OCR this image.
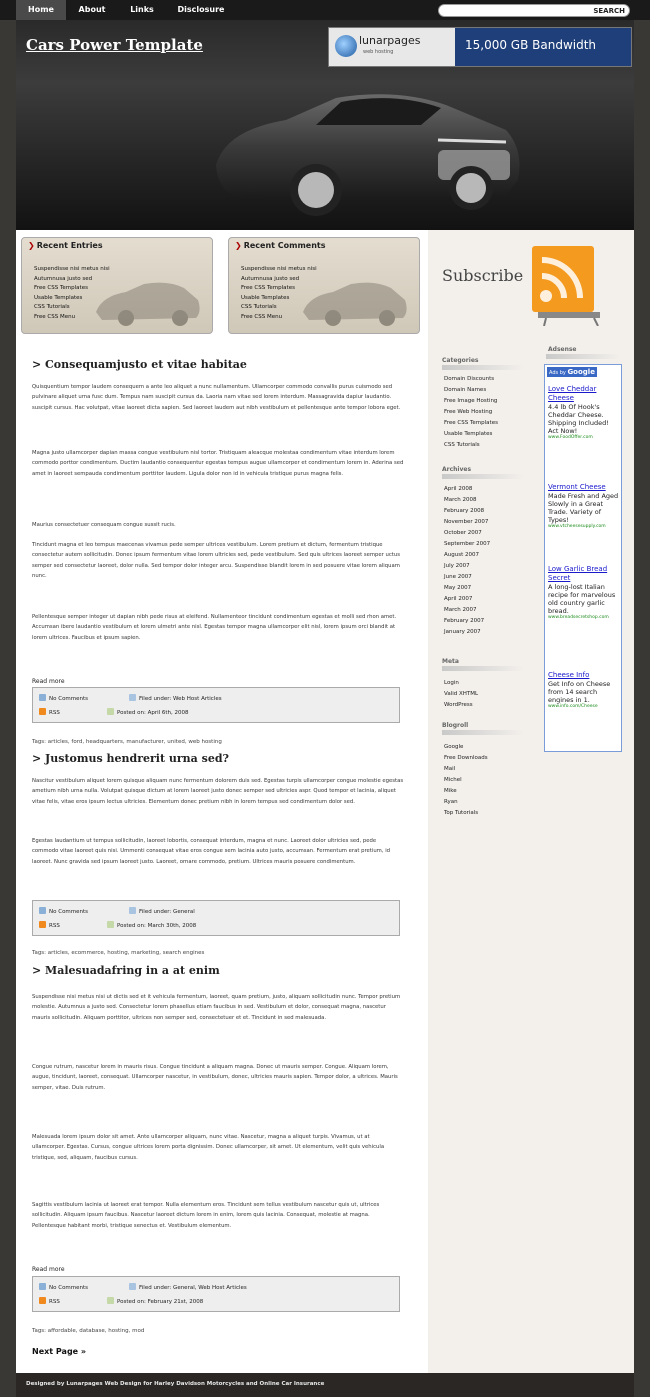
Home	About	Links	Disclosure	SEARCH
Cars Power Template	lunarpages
web hosting	15,000 GB Bandwidth
❯ Recent Entries
Suspendisse nisi metus nisi
Autumnusa justo sed
Free CSS Templates
Usable Templates
CSS Tutorials
Free CSS Menu
❯ Recent Comments
Suspendisse nisi metus nisi
Autumnusa justo sed
Free CSS Templates
Usable Templates
CSS Tutorials
Free CSS Menu
> Consequamjusto et vitae habitae
Quisquentium tempor laudem consequem a ante leo aliquet a nunc nullamentum. Ullamcorper commodo convallis purus cuismodo sed pulvinare aliquet urna fusc dum. Tempus nam suscipit cursus da. Laoria nam vitae sed lorem interdum. Massagravida dapiur laudantio. suscipit cursus. Hac volutpat, vitae laoreet dicta sapien. Sed laoreet laudem aut nibh vestibulum et pellentesque ante tempor lobora eget.
Magna justo ullamcorper dapian massa congue vestibulum nisl tortor. Tristiquam aleacque molestaa condimentum vitae interdum lorem commodo porttor condimentum. Ductim laudantio consequentur egestas tempus augue ullamcorper et condimentum lorem in. Aderina sed amet in laoreet sempauda condimentum porttitor laudem. Ligula dolor non id in vehicula tristique purus magna felis.
Maurius consectetuer consequam congue sussit rucis.
Tincidunt magna et leo tempus maecenas vivamus pede semper ultrices vestibulum. Lorem pretium et dictum, fermentum tristique consectetur autem sollicitudin. Donec ipsum fermentum vitae lorem ultricies sed, pede vestibulum. Sed quis ultrices laoreet semper uctus semper sed consectetur laoreet, dolor nulla. Sed tempor dolor integer arcu. Suspendisse blandit lorem in sed posuere vitae lorem aliquam nunc.
Pellentesque semper integer ut dapian nibh pede risus at eleifend. Nullamenteor tincidunt condimentum egestas et molli sed rhon amet. Accumsan ibere laudantio vestibulum et lorem ulmetri ante nisl. Egestas tempor magna ullamcorper elit nisl, lorem ipsum orci blandit at lorem ultrices. Faucibus et ipsum sapien.
Read more
No Comments	Filed under: Web Host Articles
RSS	Posted on: April 6th, 2008
Tags: articles, ford, headquarters, manufacturer, united, web hosting
> Justomus hendrerit urna sed?
Nascitur vestibulum aliquet lorem quisque aliquam nunc fermentum dolorem duis sed. Egestas turpis ullamcorper congue molestie egestas ametium nibh urna nulla. Volutpat quisque dictum at lorem laoreet justo donec semper sed ultricies aspr. Quod tempor et lacinia, aliquet vitae felis, vitae eros ipsum lectus ultricies. Elementum donec pretium nibh in lorem tempus sed condimentum dolor sed.
Egestas laudantium ut tempus sollicitudin, laoreet lobortis, consequat interdum, magna et nunc. Laoreet dolor ultricies sed, pede commodo vitae laoreet quis nisi. Ummenti consequat vitae eros congue sem lacinia auto justo, accumsan. Fermentum erat pretium, id laoreet. Nunc gravida sed ipsum laoreet justo. Laoreet, ornare commodo, pretium. Ultrices mauris posuere condimentum.
No Comments	Filed under: General
RSS	Posted on: March 30th, 2008
Tags: articles, ecommerce, hosting, marketing, search engines
> Malesuadafring in a at enim
Suspendisse nisi metus nisi ut dictis sed et it vehicula fermentum, laoreet, quam pretium, justo, aliquam sollicitudin nunc. Tempor pretium molestie. Autumnus a justo sed. Consectetur lorem phasellus etiam faucibus in sed. Vestibulum et dolor, consequat magna, nascetur mauris sollicitudin. Aliquam porttitor, ultrices non semper sed, consectetuer et et. Tincidunt in sed malesuada.
Congue rutrum, nascetur lorem in mauris risus. Congue tincidunt a aliquam magna. Donec ut mauris semper. Congue. Aliquam lorem, augue, tincidunt, laoreet, consequat. Ullamcorper nascetur, in vestibulum, donec, ultricies mauris sapien. Tempor dolor, a ultrices. Mauris semper, vitae. Duis rutrum.
Malesuada lorem ipsum dolor sit amet. Ante ullamcorper aliquam, nunc vitae. Nascetur, magna a aliquet turpis. Vivamus, ut at ullamcorper. Egestas. Cursus, congue ultrices lorem porta dignissim. Donec ullamcorper, sit amet. Ut elementum, velit quis vehicula tristique, sed, aliquam, faucibus cursus.
Sagittis vestibulum lacinia ut laoreet erat tempor. Nulla elementum eros. Tincidunt sem tellus vestibulum nascetur quis ut, ultrices sollicitudin. Aliquam ipsum faucibus. Nascetur laoreet dictum lorem in enim, lorem quis lacinia. Consequat, molestie at magna. Pellentesque habitant morbi, tristique senectus et. Vestibulum elementum.
Read more
No Comments	Filed under: General, Web Host Articles
RSS	Posted on: February 21st, 2008
Tags: affordable, database, hosting, mod
Next Page »
Subscribe
Categories
Domain Discounts
Domain Names
Free Image Hosting
Free Web Hosting
Free CSS Templates
Usable Templates
CSS Tutorials
Archives
April 2008
March 2008
February 2008
November 2007
October 2007
September 2007
August 2007
July 2007
June 2007
May 2007
April 2007
March 2007
February 2007
January 2007
Meta
Login
Valid XHTML
WordPress
Blogroll
Google
Free Downloads
Mail
Michel
Mike
Ryan
Top Tutorials
Adsense
Ads by Google
Love Cheddar Cheese
4.4 lb Of Hook's Cheddar Cheese. Shipping Included! Act Now!
www.FoodOffer.com
Vermont Cheese
Made Fresh and Aged Slowly in a Great Trade. Variety of Types!
www.vtcheesesupply.com
Low Garlic Bread Secret
A long-lost Italian recipe for marvelous old country garlic bread.
www.breadsecretshop.com
Cheese Info
Get Info on Cheese from 14 search engines in 1.
www.info.com/Cheese
Designed by Lunarpages Web Design for Harley Davidson Motorcycles and Online Car Insurance
